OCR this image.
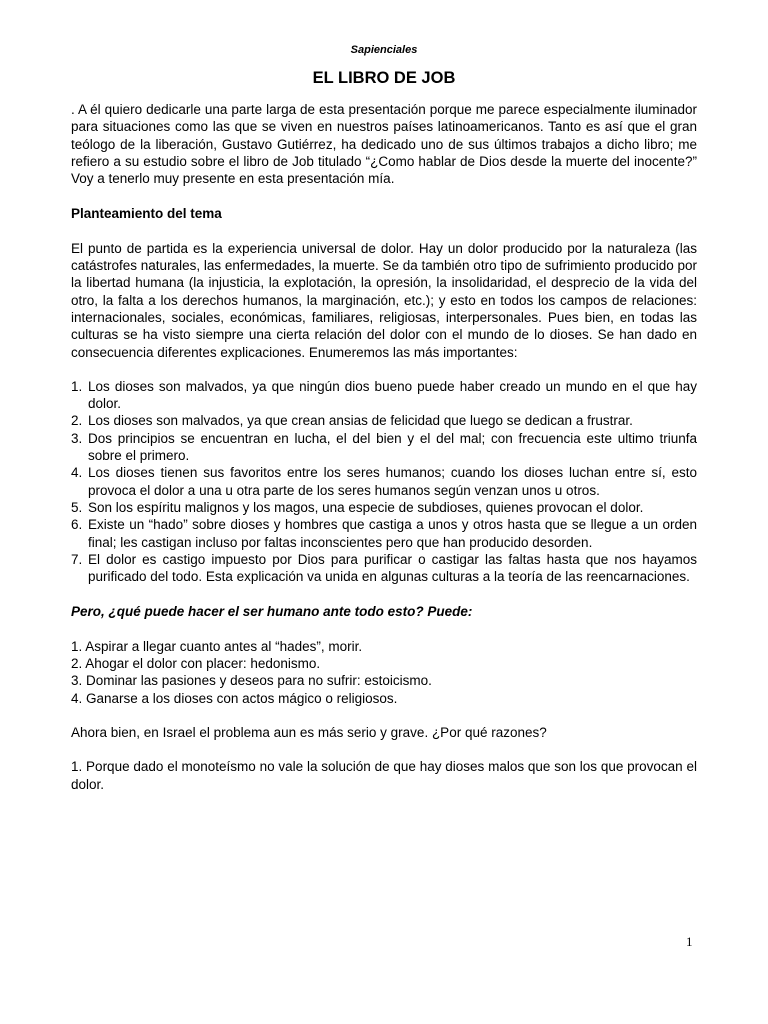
Sapienciales
EL LIBRO DE JOB

. A él quiero dedicarle una parte larga de esta presentación porque me parece especialmente iluminador para situaciones como las que se viven en nuestros países latinoamericanos. Tanto es así que el gran teólogo de la liberación, Gustavo Gutiérrez, ha dedicado uno de sus últimos trabajos a dicho libro; me refiero a su estudio sobre el libro de Job titulado “¿Como hablar de Dios desde la muerte del inocente?” Voy a tenerlo muy presente en esta presentación mía.

Planteamiento del tema

El punto de partida es la experiencia universal de dolor. Hay un dolor producido por la naturaleza (las catástrofes naturales, las enfermedades, la muerte. Se da también otro tipo de sufrimiento producido por la libertad humana (la injusticia, la explotación, la opresión, la insolidaridad, el desprecio de la vida del otro, la falta a los derechos humanos, la marginación, etc.); y esto en todos los campos de relaciones: internacionales, sociales, económicas, familiares, religiosas, interpersonales. Pues bien, en todas las culturas se ha visto siempre una cierta relación del dolor con el mundo de lo dioses. Se han dado en consecuencia diferentes explicaciones. Enumeremos las más importantes:

1. Los dioses son malvados, ya que ningún dios bueno puede haber creado un mundo en el que hay dolor.
2. Los dioses son malvados, ya que crean ansias de felicidad que luego se dedican a frustrar.
3. Dos principios se encuentran en lucha, el del bien y el del mal; con frecuencia este ultimo triunfa sobre el primero.
4. Los dioses tienen sus favoritos entre los seres humanos; cuando los dioses luchan entre sí, esto provoca el dolor a una u otra parte de los seres humanos según venzan unos u otros.
5. Son los espíritu malignos y los magos, una especie de subdioses, quienes provocan el dolor.
6. Existe un “hado” sobre dioses y hombres que castiga a unos y otros hasta que se llegue a un orden final; les castigan incluso por faltas inconscientes pero que han producido desorden.
7. El dolor es castigo impuesto por Dios para purificar o castigar las faltas hasta que nos hayamos purificado del todo. Esta explicación va unida en algunas culturas a la teoría de las reencarnaciones.

Pero, ¿qué puede hacer el ser humano ante todo esto? Puede:

1. Aspirar a llegar cuanto antes al “hades”, morir.
2. Ahogar el dolor con placer: hedonismo.
3. Dominar las pasiones y deseos para no sufrir: estoicismo.
4. Ganarse a los dioses con actos mágico o religiosos.

Ahora bien, en Israel el problema aun es más serio y grave. ¿Por qué razones?

1. Porque dado el monoteísmo no vale la solución de que hay dioses malos que son los que provocan el dolor.

1
